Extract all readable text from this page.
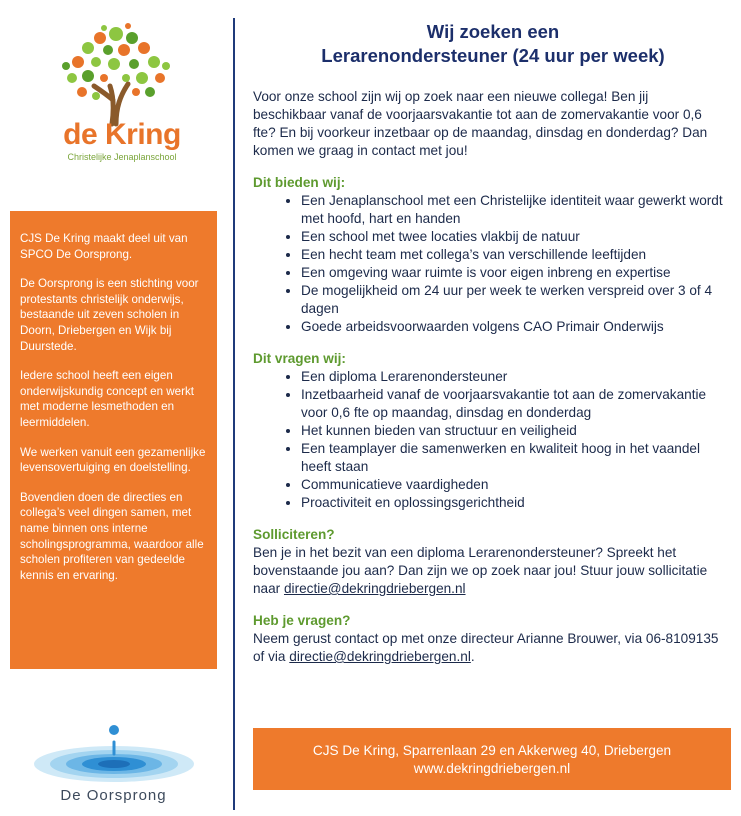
de Kring
Christelijke Jenaplanschool

CJS De Kring maakt deel uit van SPCO De Oorsprong.

De Oorsprong is een stichting voor protestants christelijk onderwijs, bestaande uit zeven scholen in Doorn, Driebergen en Wijk bij Duurstede.

Iedere school heeft een eigen onderwijskundig concept en werkt met moderne lesmethoden en leermiddelen.

We werken vanuit een gezamenlijke levensovertuiging en doelstelling.

Bovendien doen de directies en collega’s veel dingen samen, met name binnen ons interne scholingsprogramma, waardoor alle scholen profiteren van gedeelde kennis en ervaring.

De Oorsprong
Wij zoeken een
Lerarenondersteuner (24 uur per week)

Voor onze school zijn wij op zoek naar een nieuwe collega! Ben jij beschikbaar vanaf de voorjaarsvakantie tot aan de zomervakantie voor 0,6 fte? En bij voorkeur inzetbaar op de maandag, dinsdag en donderdag? Dan komen we graag in contact met jou!

Dit bieden wij:

• Een Jenaplanschool met een Christelijke identiteit waar gewerkt wordt met hoofd, hart en handen
• Een school met twee locaties vlakbij de natuur
• Een hecht team met collega’s van verschillende leeftijden
• Een omgeving waar ruimte is voor eigen inbreng en expertise
• De mogelijkheid om 24 uur per week te werken verspreid over 3 of 4 dagen
• Goede arbeidsvoorwaarden volgens CAO Primair Onderwijs

Dit vragen wij:

• Een diploma Lerarenondersteuner
• Inzetbaarheid vanaf de voorjaarsvakantie tot aan de zomervakantie voor 0,6 fte op maandag, dinsdag en donderdag
• Het kunnen bieden van structuur en veiligheid
• Een teamplayer die samenwerken en kwaliteit hoog in het vaandel heeft staan
• Communicatieve vaardigheden
• Proactiviteit en oplossingsgerichtheid

Solliciteren?

Ben je in het bezit van een diploma Lerarenondersteuner? Spreekt het bovenstaande jou aan? Dan zijn we op zoek naar jou! Stuur jouw sollicitatie naar directie@dekringdriebergen.nl

Heb je vragen?

Neem gerust contact op met onze directeur Arianne Brouwer, via 06-8109135 of via directie@dekringdriebergen.nl.

CJS De Kring, Sparrenlaan 29 en Akkerweg 40, Driebergen
www.dekringdriebergen.nl
